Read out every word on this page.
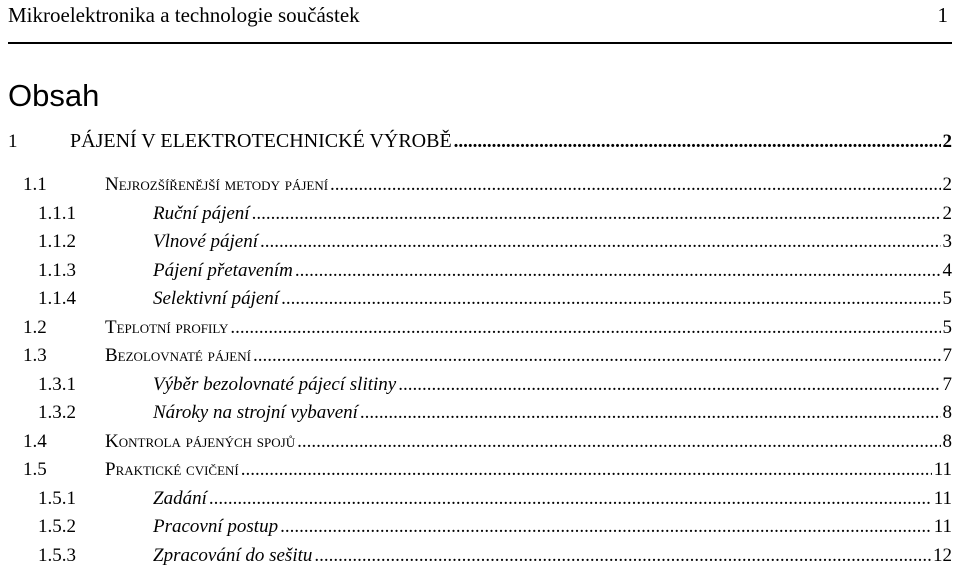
Mikroelektronika a technologie součástek	1
Obsah
1	PÁJENÍ V ELEKTROTECHNICKÉ VÝROBĚ .....	2
1.1	Nejrozšířenější metody pájení .....	2
1.1.1	Ruční pájení .....	2
1.1.2	Vlnové pájení .....	3
1.1.3	Pájení přetavením .....	4
1.1.4	Selektivní pájení .....	5
1.2	Teplotní profily .....	5
1.3	Bezolovnaté pájení .....	7
1.3.1	Výběr bezolovnaté pájecí slitiny .....	7
1.3.2	Nároky na strojní vybavení .....	8
1.4	Kontrola pájených spojů .....	8
1.5	Praktické cvičení .....	11
1.5.1	Zadání .....	11
1.5.2	Pracovní postup .....	11
1.5.3	Zpracování do sešitu .....	12
